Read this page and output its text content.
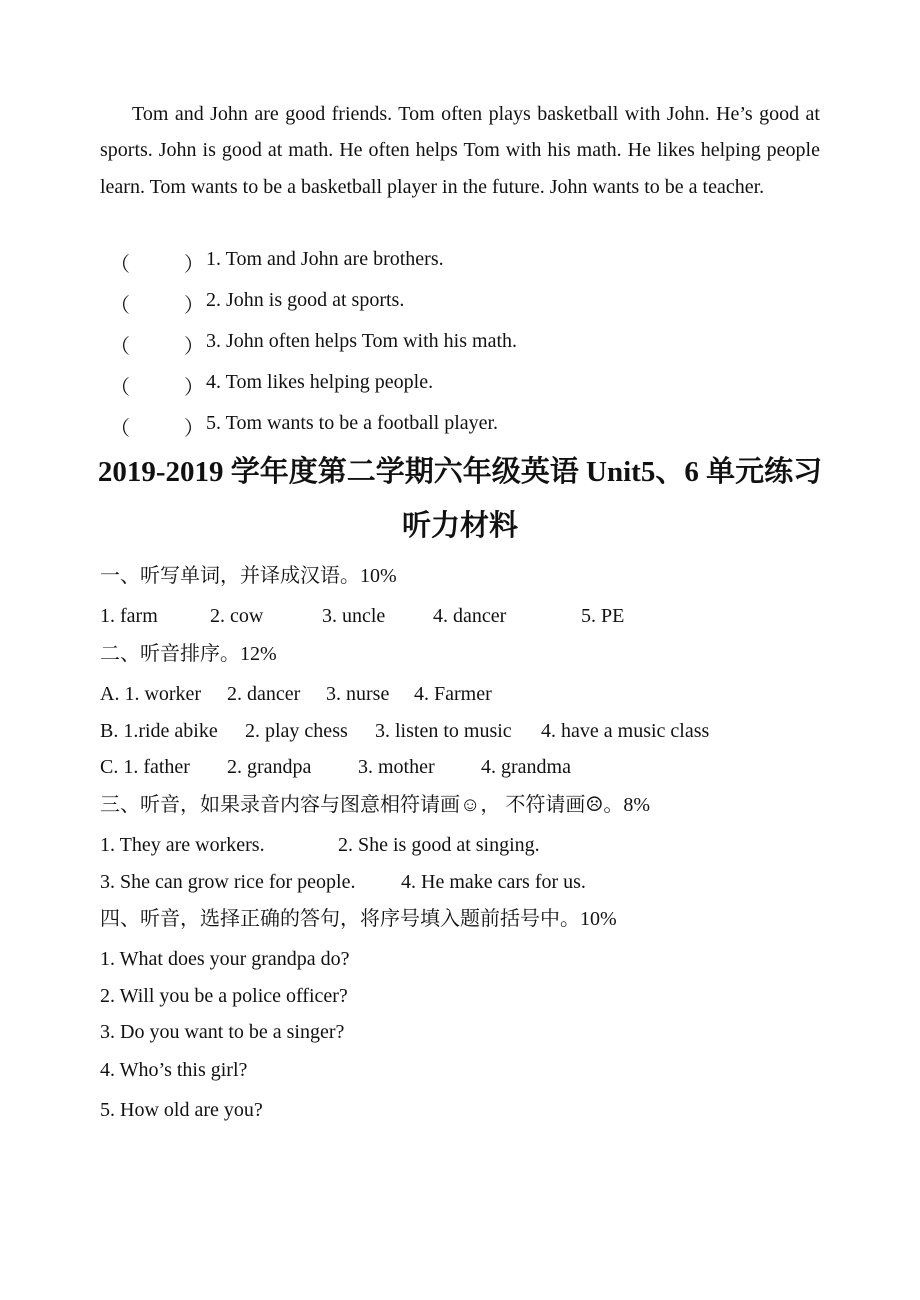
Tom and John are good friends. Tom often plays basketball with John. He’s good at sports. John is good at math. He often helps Tom with his math. He likes helping people learn. Tom wants to be a basketball player in the future. John wants to be a teacher.

（	） 1. Tom and John are brothers.
（	） 2. John is good at sports.
（	） 3. John often helps Tom with his math.
（	） 4. Tom likes helping people.
（	） 5. Tom wants to be a football player.
2019-2019 学年度第二学期六年级英语 Unit5、6 单元练习
听力材料
一、听写单词，并译成汉语。10%
1. farm	2. cow	3. uncle 4. dancer	5. PE
二、听音排序。12%
A. 1. worker 2. dancer 3. nurse 4. Farmer
B. 1.ride abike 2. play chess 3. listen to music 4. have a music class
C. 1. father 2. grandpa 3. mother 4. grandma
三、听音，如果录音内容与图意相符请画☺， 不符请画☹。8%
1. They are workers.	2. She is good at singing.
3. She can grow rice for people. 4. He make cars for us.
四、听音，选择正确的答句，将序号填入题前括号中。10%
1. What does your grandpa do?
2. Will you be a police officer?
3. Do you want to be a singer?
4. Who’s this girl?
5. How old are you?
